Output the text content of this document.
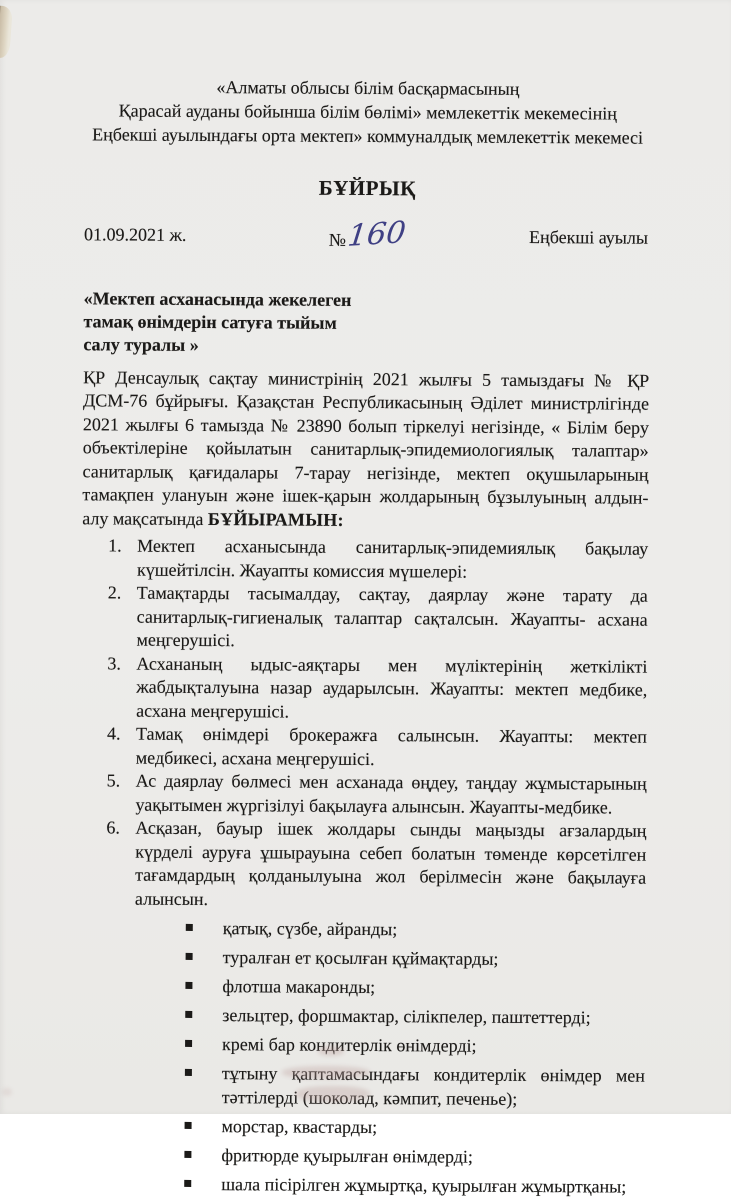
«Алматы облысы білім басқармасының
Қарасай ауданы бойынша білім бөлімі» мемлекеттік мекемесінің
Еңбекші ауылындағы орта мектеп» коммуналдық мемлекеттік мекемесі
БҰЙРЫҚ
01.09.2021 ж.	№160	Еңбекші ауылы
«Мектеп асханасында жекелеген
тамақ өнімдерін сатуға тыйым
салу туралы »

ҚР Денсаулық сақтау министрінің 2021 жылғы 5 тамыздағы № ҚР ДСМ-76 бұйрығы. Қазақстан Республикасының Әділет министрлігінде 2021 жылғы 6 тамызда № 23890 болып тіркелуі негізінде, « Білім беру объектілеріне қойылатын санитарлық-эпидемиологиялық талаптар» санитарлық қағидалары 7-тарау негізінде, мектеп оқушыларының тамақпен улануын және ішек-қарын жолдарының бұзылуының алдын-алу мақсатында БҰЙЫРАМЫН:

Мектеп асханысында санитарлық-эпидемиялық бақылау күшейтілсін. Жауапты комиссия мүшелері:
Тамақтарды тасымалдау, сақтау, даярлау және тарату да санитарлық-гигиеналық талаптар сақталсын. Жауапты- асхана меңгерушісі.
Асхананың ыдыс-аяқтары мен мүліктерінің жеткілікті жабдықталуына назар аударылсын. Жауапты: мектеп медбике, асхана меңгерушісі.
Тамақ өнімдері брокеражға салынсын. Жауапты: мектеп медбикесі, асхана меңгерушісі.
Ас даярлау бөлмесі мен асханада өңдеу, таңдау жұмыстарының уақытымен жүргізілуі бақылауға алынсын. Жауапты-медбике.
Асқазан, бауыр ішек жолдары сынды маңызды ағзалардың күрделі ауруға ұшырауына себеп болатын төменде көрсетілген тағамдардың қолданылуына жол берілмесін және бақылауға алынсын.
қатық, сүзбе, айранды;
туралған ет қосылған құймақтарды;
флотша макаронды;
зельцтер, форшмактар, сілікпелер, паштеттерді;
кремі бар кондитерлік өнімдерді;
тұтыну қаптамасындағы кондитерлік өнімдер мен тәттілерді (шоколад, кәмпит, печенье);
морстар, квастарды;
фритюрде қуырылған өнімдерді;
шала пісірілген жұмыртқа, қуырылған жұмыртқаны;
